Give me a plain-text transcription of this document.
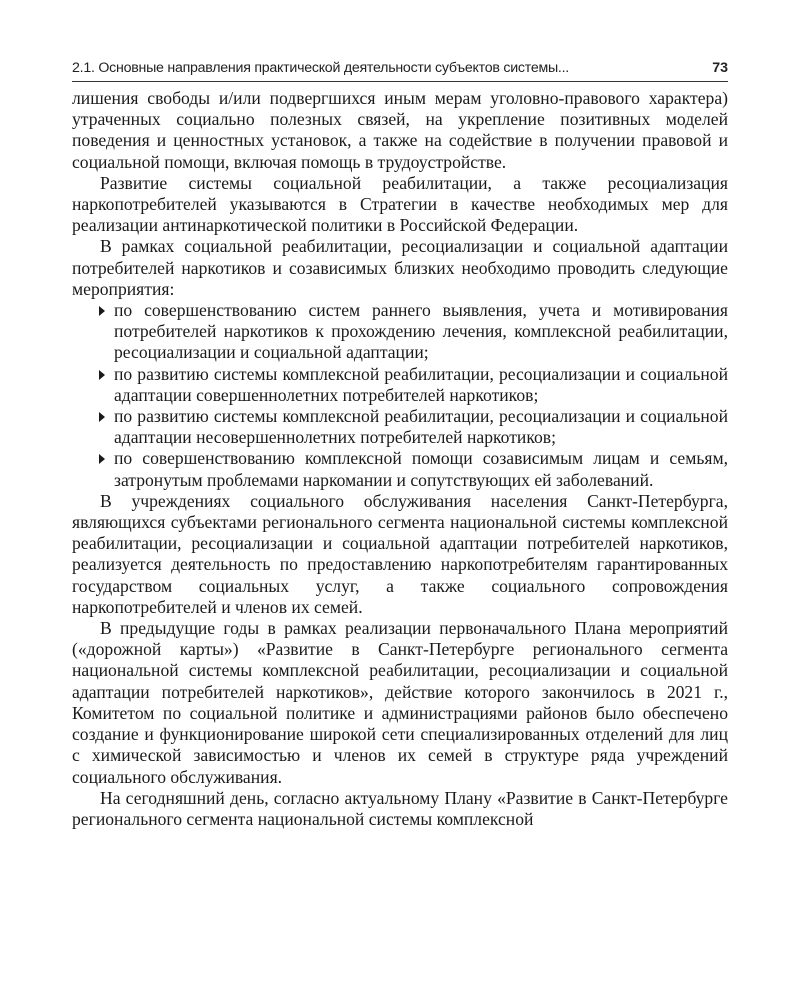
2.1. Основные направления практической деятельности субъектов системы...	73

лишения свободы и/или подвергшихся иным мерам уголовно-правового характера) утраченных социально полезных связей, на укрепление позитивных моделей поведения и ценностных установок, а также на содействие в получении правовой и социальной помощи, включая помощь в трудоустройстве.

Развитие системы социальной реабилитации, а также ресоциализация наркопотребителей указываются в Стратегии в качестве необходимых мер для реализации антинаркотической политики в Российской Федерации.

В рамках социальной реабилитации, ресоциализации и социальной адаптации потребителей наркотиков и созависимых близких необходимо проводить следующие мероприятия:

по совершенствованию систем раннего выявления, учета и мотивирования потребителей наркотиков к прохождению лечения, комплексной реабилитации, ресоциализации и социальной адаптации;
по развитию системы комплексной реабилитации, ресоциализации и социальной адаптации совершеннолетних потребителей наркотиков;
по развитию системы комплексной реабилитации, ресоциализации и социальной адаптации несовершеннолетних потребителей наркотиков;
по совершенствованию комплексной помощи созависимым лицам и семьям, затронутым проблемами наркомании и сопутствующих ей заболеваний.

В учреждениях социального обслуживания населения Санкт-Петербурга, являющихся субъектами регионального сегмента национальной системы комплексной реабилитации, ресоциализации и социальной адаптации потребителей наркотиков, реализуется деятельность по предоставлению наркопотребителям гарантированных государством социальных услуг, а также социального сопровождения наркопотребителей и членов их семей.

В предыдущие годы в рамках реализации первоначального Плана мероприятий («дорожной карты») «Развитие в Санкт-Петербурге регионального сегмента национальной системы комплексной реабилитации, ресоциализации и социальной адаптации потребителей наркотиков», действие которого закончилось в 2021 г., Комитетом по социальной политике и администрациями районов было обеспечено создание и функционирование широкой сети специализированных отделений для лиц с химической зависимостью и членов их семей в структуре ряда учреждений социального обслуживания.

На сегодняшний день, согласно актуальному Плану «Развитие в Санкт-Петербурге регионального сегмента национальной системы комплексной
